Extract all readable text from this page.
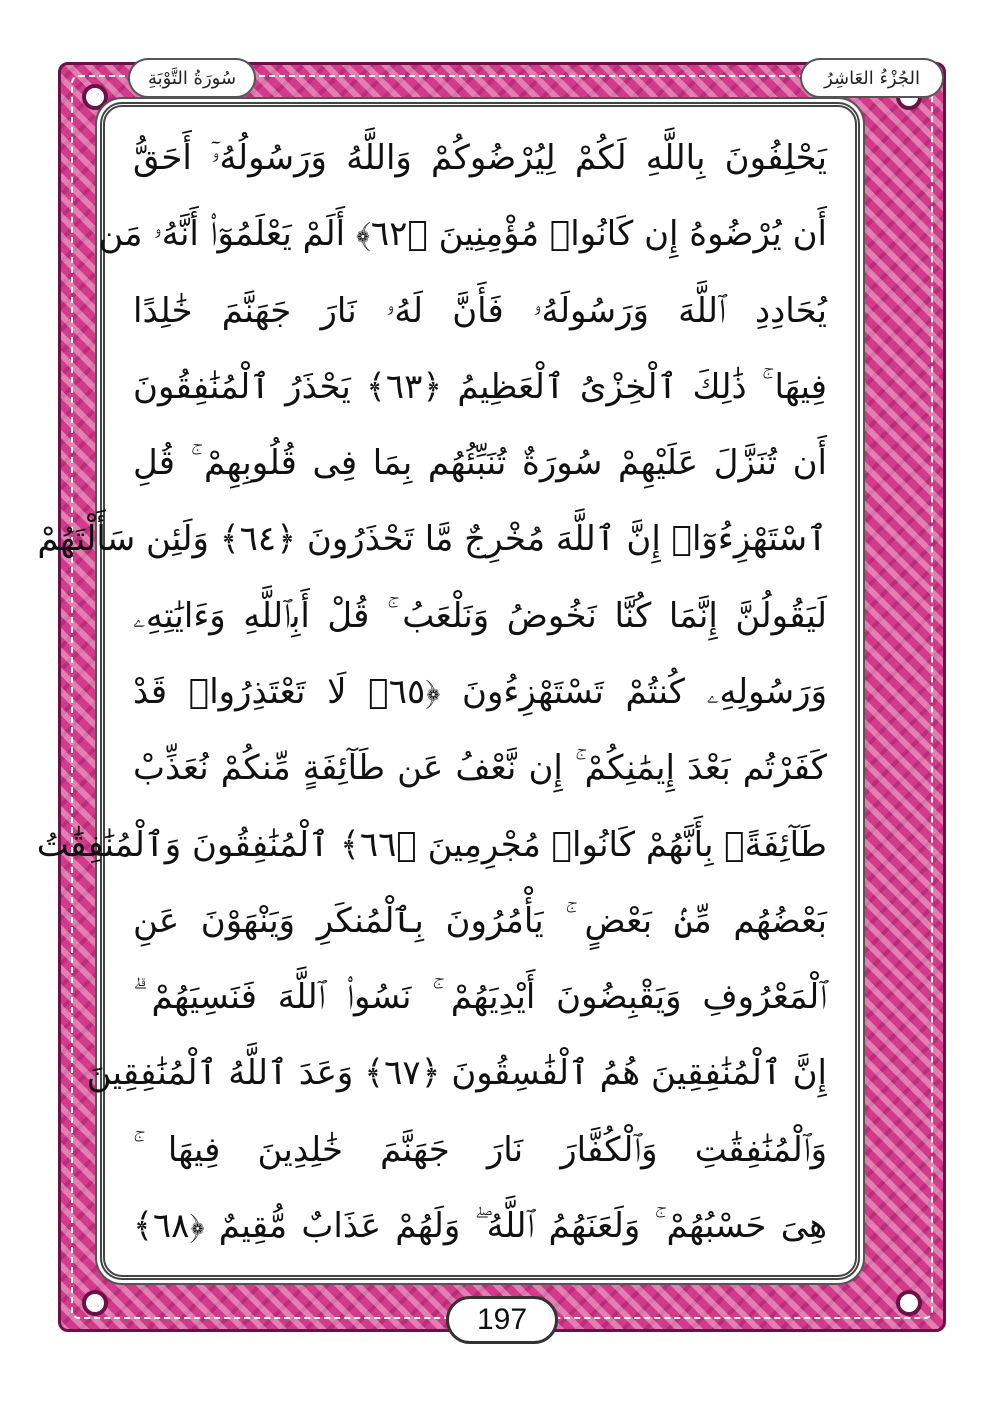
الجُزْءُ العَاشِرُ
سُورَةُ التَّوْبَةِ
يَحْلِفُونَ بِاللَّهِ لَكُمْ لِيُرْضُوكُمْ وَاللَّهُ وَرَسُولُهُۥٓ أَحَقُّ
أَن يُرْضُوهُ إِن كَانُوا۟ مُؤْمِنِينَ ﴿٦٢﴾ أَلَمْ يَعْلَمُوٓا۟ أَنَّهُۥ مَن
يُحَادِدِ ٱللَّهَ وَرَسُولَهُۥ فَأَنَّ لَهُۥ نَارَ جَهَنَّمَ خَٰلِدًا
فِيهَا ۚ ذَٰلِكَ ٱلْخِزْىُ ٱلْعَظِيمُ ﴿٦٣﴾ يَحْذَرُ ٱلْمُنَٰفِقُونَ
أَن تُنَزَّلَ عَلَيْهِمْ سُورَةٌ تُنَبِّئُهُم بِمَا فِى قُلُوبِهِمْ ۚ قُلِ
ٱسْتَهْزِءُوٓا۟ إِنَّ ٱللَّهَ مُخْرِجٌ مَّا تَحْذَرُونَ ﴿٦٤﴾ وَلَئِن سَأَلْتَهُمْ
لَيَقُولُنَّ إِنَّمَا كُنَّا نَخُوضُ وَنَلْعَبُ ۚ قُلْ أَبِٱللَّهِ وَءَايَٰتِهِۦ
وَرَسُولِهِۦ كُنتُمْ تَسْتَهْزِءُونَ ﴿٦٥﴾ لَا تَعْتَذِرُوا۟ قَدْ
كَفَرْتُم بَعْدَ إِيمَٰنِكُمْ ۚ إِن نَّعْفُ عَن طَآئِفَةٍ مِّنكُمْ نُعَذِّبْ
طَآئِفَةًۢ بِأَنَّهُمْ كَانُوا۟ مُجْرِمِينَ ﴿٦٦﴾ ٱلْمُنَٰفِقُونَ وَٱلْمُنَٰفِقَٰتُ
بَعْضُهُم مِّنۢ بَعْضٍ ۚ يَأْمُرُونَ بِٱلْمُنكَرِ وَيَنْهَوْنَ عَنِ
ٱلْمَعْرُوفِ وَيَقْبِضُونَ أَيْدِيَهُمْ ۚ نَسُوا۟ ٱللَّهَ فَنَسِيَهُمْ ۗ
إِنَّ ٱلْمُنَٰفِقِينَ هُمُ ٱلْفَٰسِقُونَ ﴿٦٧﴾ وَعَدَ ٱللَّهُ ٱلْمُنَٰفِقِينَ
وَٱلْمُنَٰفِقَٰتِ وَٱلْكُفَّارَ نَارَ جَهَنَّمَ خَٰلِدِينَ فِيهَا ۚ
هِىَ حَسْبُهُمْ ۚ وَلَعَنَهُمُ ٱللَّهُ ۖ وَلَهُمْ عَذَابٌ مُّقِيمٌ ﴿٦٨﴾
197
